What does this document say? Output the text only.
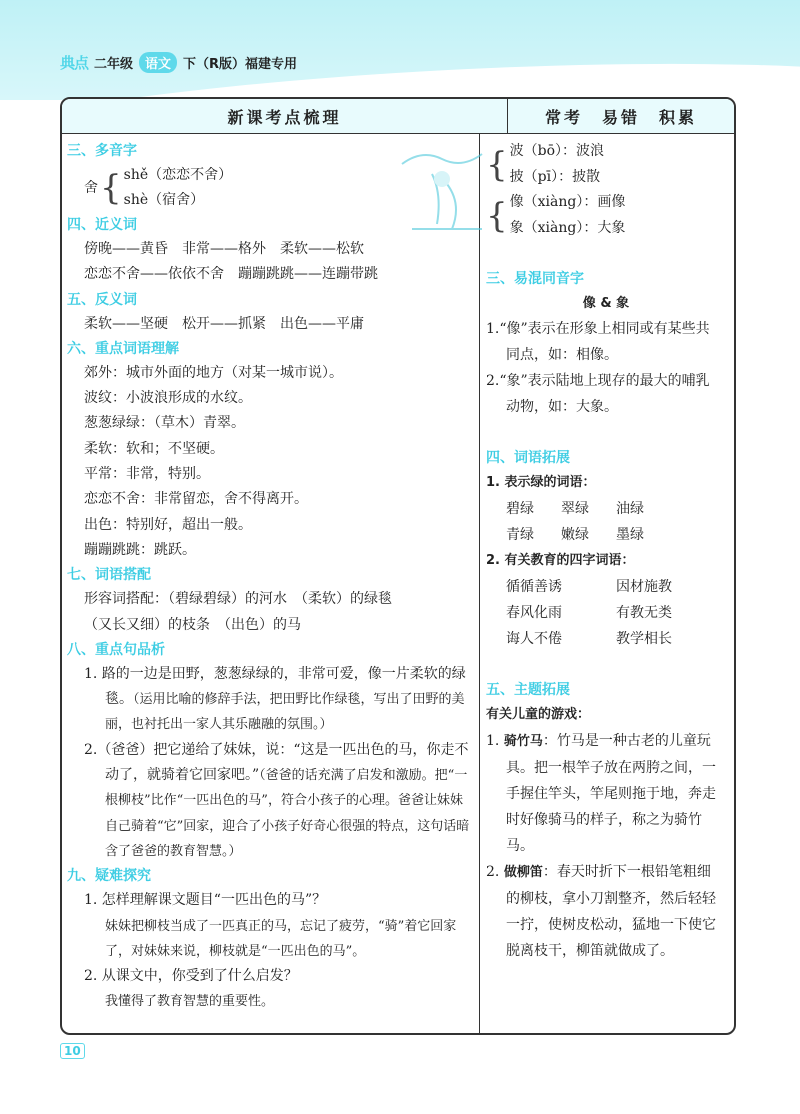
典点 二年级 语文 下（R版）福建专用
新课考点梳理	常考　易错　积累
三、多音字
舍 { shě（恋恋不舍）
shè（宿舍）
四、近义词
傍晚——黄昏　非常——格外　柔软——松软
恋恋不舍——依依不舍　蹦蹦跳跳——连蹦带跳
五、反义词
柔软——坚硬　松开——抓紧　出色——平庸
六、重点词语理解
郊外：城市外面的地方（对某一城市说）。
波纹：小波浪形成的水纹。
葱葱绿绿：（草木）青翠。
柔软：软和；不坚硬。
平常：非常，特别。
恋恋不舍：非常留恋，舍不得离开。
出色：特别好，超出一般。
蹦蹦跳跳：跳跃。
七、词语搭配
形容词搭配：（碧绿碧绿）的河水　（柔软）的绿毯
（又长又细）的枝条　（出色）的马
八、重点句品析
1. 路的一边是田野，葱葱绿绿的，非常可爱，像一片柔软的绿毯。（运用比喻的修辞手法，把田野比作绿毯，写出了田野的美丽，也衬托出一家人其乐融融的氛围。）
2.（爸爸）把它递给了妹妹，说：“这是一匹出色的马，你走不动了，就骑着它回家吧。”（爸爸的话充满了启发和激励。把“一根柳枝”比作“一匹出色的马”，符合小孩子的心理。爸爸让妹妹自己骑着“它”回家，迎合了小孩子好奇心很强的特点，这句话暗含了爸爸的教育智慧。）
九、疑难探究
1. 怎样理解课文题目“一匹出色的马”？
妹妹把柳枝当成了一匹真正的马，忘记了疲劳，“骑”着它回家了，对妹妹来说，柳枝就是“一匹出色的马”。
2. 从课文中，你受到了什么启发？
我懂得了教育智慧的重要性。
{ 波（bō）：波浪
披（pī）：披散
{ 像（xiàng）：画像
象（xiàng）：大象
三、易混同音字
像 & 象
1.“像”表示在形象上相同或有某些共同点，如：相像。
2.“象”表示陆地上现存的最大的哺乳动物，如：大象。
四、词语拓展
1. 表示绿的词语：
碧绿	翠绿	油绿
青绿	嫩绿	墨绿
2. 有关教育的四字词语：
循循善诱	因材施教
春风化雨	有教无类
诲人不倦	教学相长
五、主题拓展
有关儿童的游戏：
1. 骑竹马：竹马是一种古老的儿童玩具。把一根竿子放在两胯之间，一手握住竿头，竿尾则拖于地，奔走时好像骑马的样子，称之为骑竹马。
2. 做柳笛：春天时折下一根铅笔粗细的柳枝，拿小刀割整齐，然后轻轻一拧，使树皮松动，猛地一下使它脱离枝干，柳笛就做成了。
10
